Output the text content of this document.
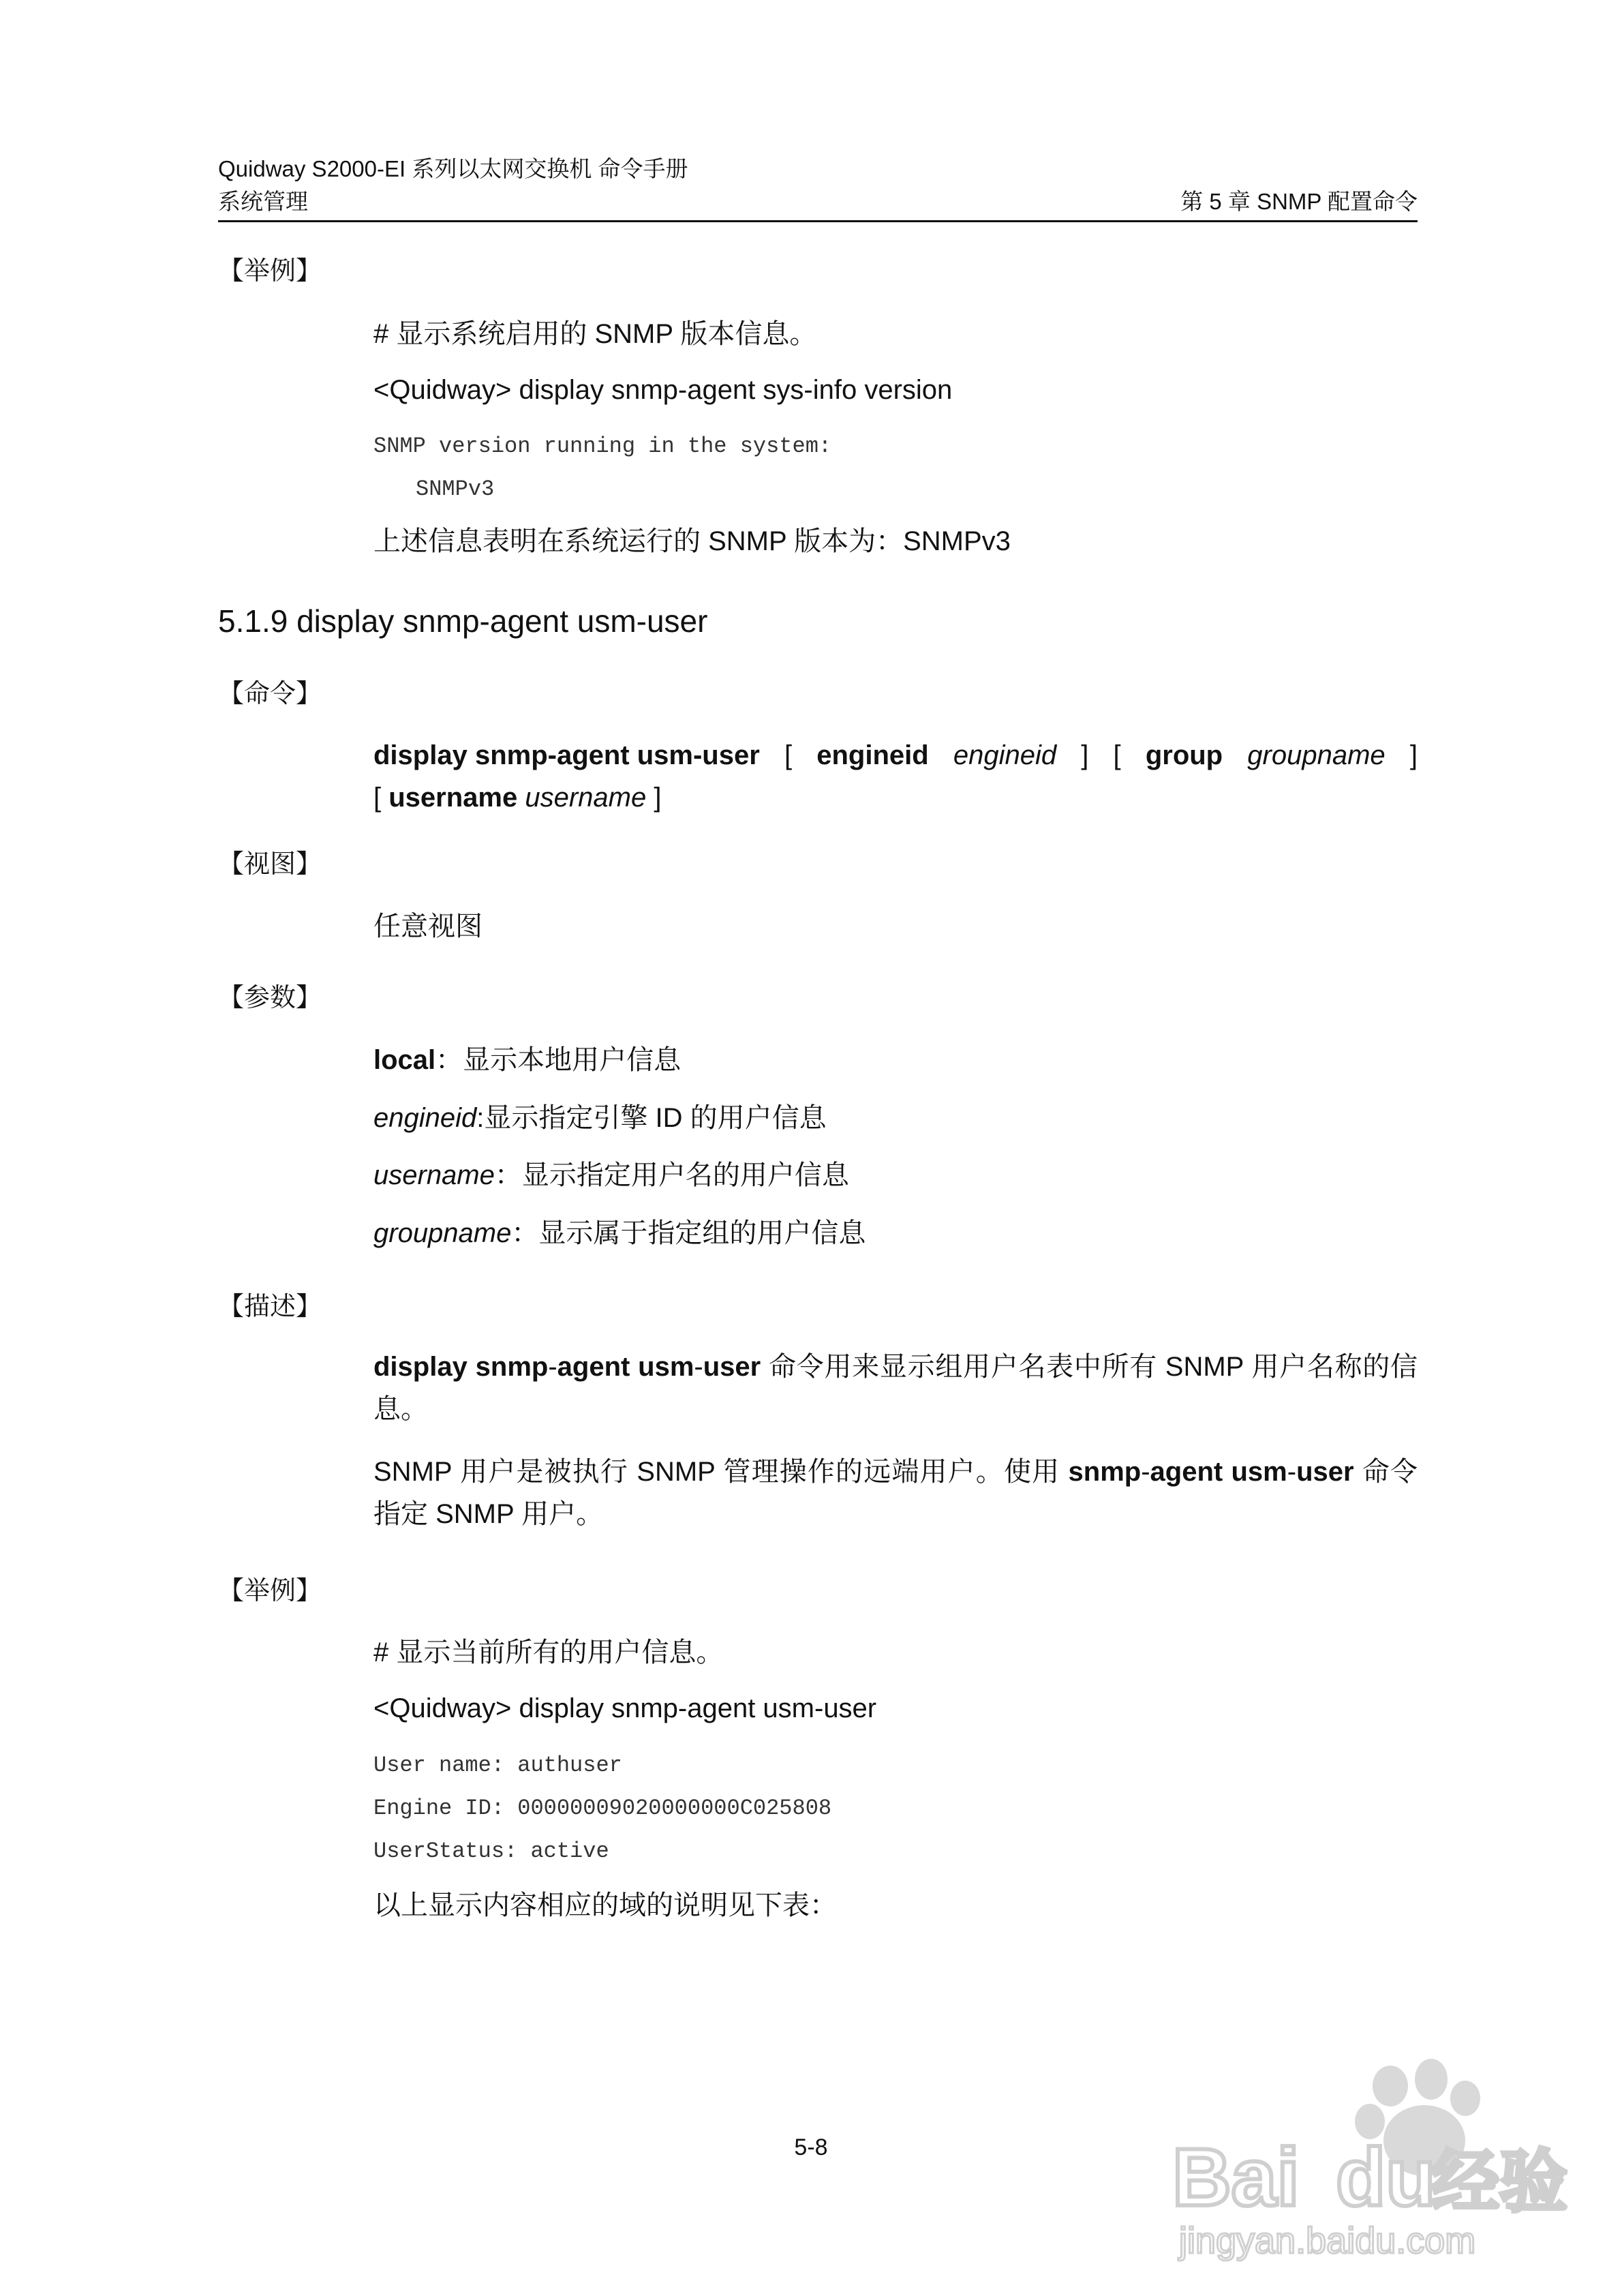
Quidway S2000-EI 系列以太网交换机 命令手册
系统管理	第 5 章 SNMP 配置命令
【举例】
# 显示系统启用的 SNMP 版本信息。
<Quidway> display snmp-agent sys-info version
SNMP version running in the system:
SNMPv3
上述信息表明在系统运行的 SNMP 版本为：SNMPv3
5.1.9 display snmp-agent usm-user
【命令】
display snmp-agent usm-user [ engineid engineid ] [ group groupname ]
[ username username ]
【视图】
任意视图
【参数】
local：显示本地用户信息
engineid:显示指定引擎 ID 的用户信息
username：显示指定用户名的用户信息
groupname：显示属于指定组的用户信息
【描述】
display snmp-agent usm-user 命令用来显示组用户名表中所有 SNMP 用户名称的信息。
SNMP 用户是被执行 SNMP 管理操作的远端用户。使用 snmp-agent usm-user 命令指定 SNMP 用户。
【举例】
# 显示当前所有的用户信息。
<Quidway> display snmp-agent usm-user
User name: authuser
Engine ID: 00000009020000000C025808
UserStatus: active
以上显示内容相应的域的说明见下表：
5-8	Bai du
经验
jingyan.baidu.com
